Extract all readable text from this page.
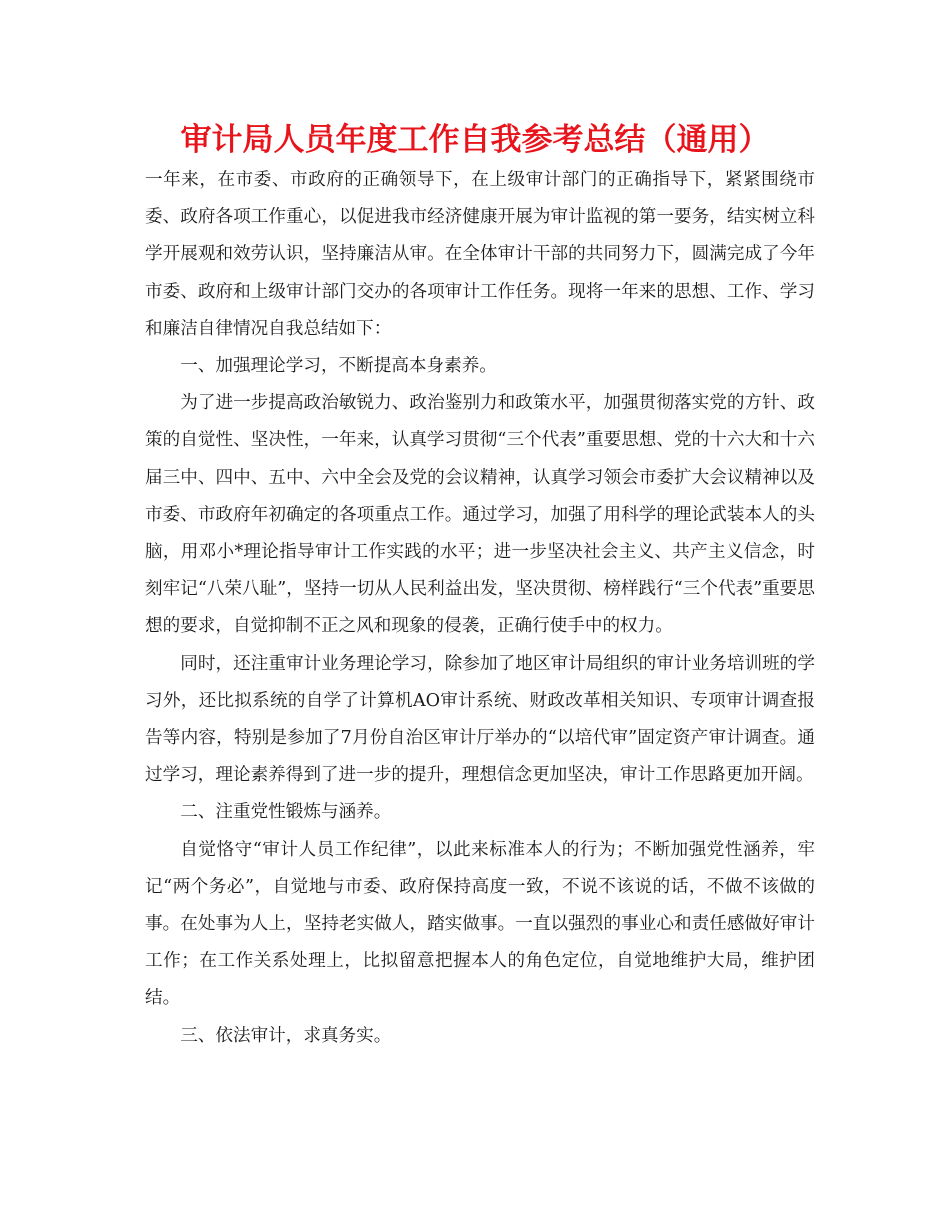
审计局人员年度工作自我参考总结（通用）

一年来，在市委、市政府的正确领导下，在上级审计部门的正确指导下，紧紧围绕市委、政府各项工作重心，以促进我市经济健康开展为审计监视的第一要务，结实树立科学开展观和效劳认识，坚持廉洁从审。在全体审计干部的共同努力下，圆满完成了今年市委、政府和上级审计部门交办的各项审计工作任务。现将一年来的思想、工作、学习和廉洁自律情况自我总结如下：

一、加强理论学习，不断提高本身素养。

为了进一步提高政治敏锐力、政治鉴别力和政策水平，加强贯彻落实党的方针、政策的自觉性、坚决性，一年来，认真学习贯彻“三个代表”重要思想、党的十六大和十六届三中、四中、五中、六中全会及党的会议精神，认真学习领会市委扩大会议精神以及市委、市政府年初确定的各项重点工作。通过学习，加强了用科学的理论武装本人的头脑，用邓小*理论指导审计工作实践的水平；进一步坚决社会主义、共产主义信念，时刻牢记“八荣八耻”，坚持一切从人民利益出发，坚决贯彻、榜样践行“三个代表”重要思想的要求，自觉抑制不正之风和现象的侵袭，正确行使手中的权力。

同时，还注重审计业务理论学习，除参加了地区审计局组织的审计业务培训班的学习外，还比拟系统的自学了计算机AO审计系统、财政改革相关知识、专项审计调查报告等内容，特别是参加了7月份自治区审计厅举办的“以培代审”固定资产审计调查。通过学习，理论素养得到了进一步的提升，理想信念更加坚决，审计工作思路更加开阔。

二、注重党性锻炼与涵养。

自觉恪守“审计人员工作纪律”，以此来标准本人的行为；不断加强党性涵养，牢记“两个务必”，自觉地与市委、政府保持高度一致，不说不该说的话，不做不该做的事。在处事为人上，坚持老实做人，踏实做事。一直以强烈的事业心和责任感做好审计工作；在工作关系处理上，比拟留意把握本人的角色定位，自觉地维护大局，维护团结。

三、依法审计，求真务实。
